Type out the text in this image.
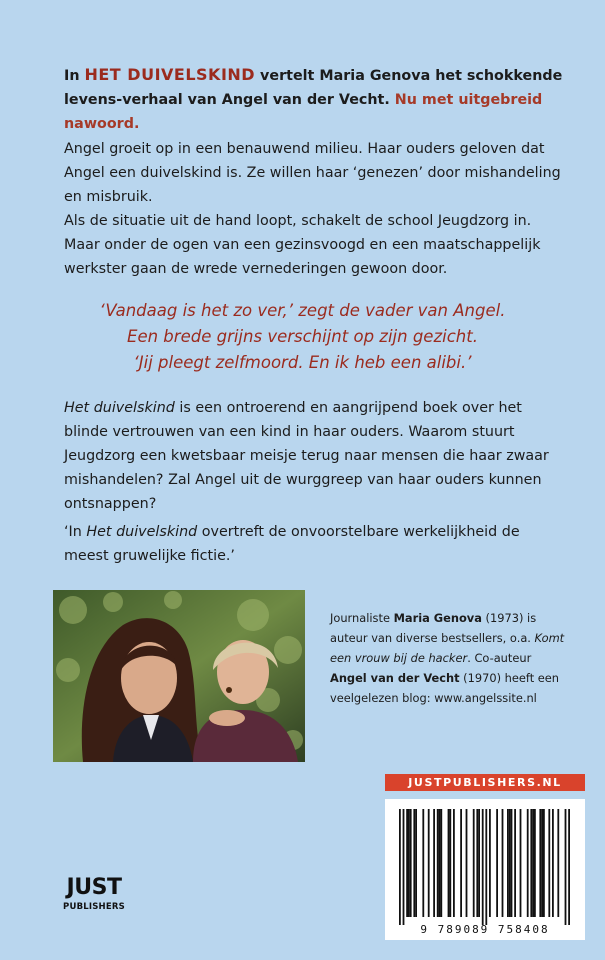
In HET DUIVELSKIND vertelt Maria Genova het schokkende levens-verhaal van Angel van der Vecht. Nu met uitgebreid nawoord.
Angel groeit op in een benauwend milieu. Haar ouders geloven dat Angel een duivelskind is. Ze willen haar ‘genezen’ door mishandeling en misbruik.
Als de situatie uit de hand loopt, schakelt de school Jeugdzorg in. Maar onder de ogen van een gezinsvoogd en een maatschappelijk werkster gaan de wrede vernederingen gewoon door.
‘Vandaag is het zo ver,’ zegt de vader van Angel.
Een brede grijns verschijnt op zijn gezicht.
‘Jij pleegt zelfmoord. En ik heb een alibi.’
Het duivelskind is een ontroerend en aangrijpend boek over het blinde vertrouwen van een kind in haar ouders. Waarom stuurt Jeugdzorg een kwetsbaar meisje terug naar mensen die haar zwaar mishandelen? Zal Angel uit de wurggreep van haar ouders kunnen ontsnappen?
‘In Het duivelskind overtreft de onvoorstelbare werkelijkheid de meest gruwelijke fictie.’
Journaliste Maria Genova (1973) is auteur van diverse bestsellers, o.a. Komt een vrouw bij de hacker. Co-auteur Angel van der Vecht (1970) heeft een veelgelezen blog: www.angelssite.nl
JUSTPUBLISHERS.NL
9 789089 758408
JUST
PUBLISHERS
